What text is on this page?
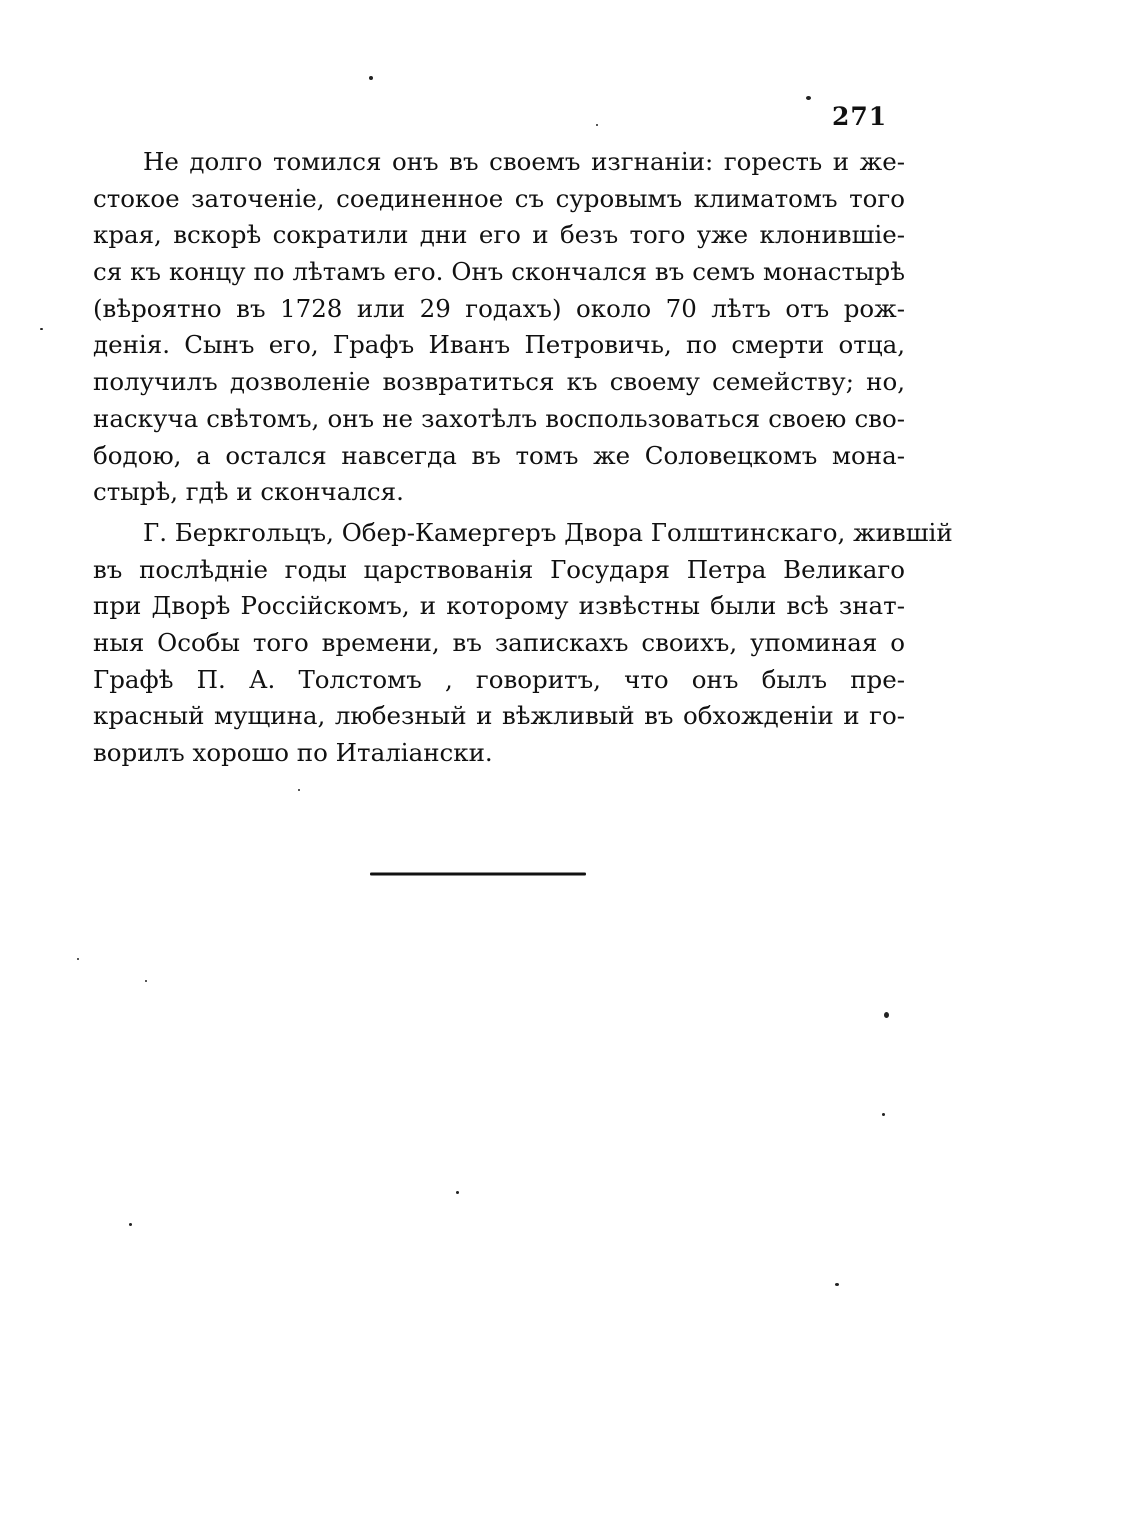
271
Не долго томился онъ въ своемъ изгнаніи: горесть и же-
стокое заточеніе, соединенное съ суровымъ климатомъ того
края, вскорѣ сократили дни его и безъ того уже клонившіе-
ся къ концу по лѣтамъ его. Онъ скончался въ семъ монастырѣ
(вѣроятно въ 1728 или 29 годахъ) около 70 лѣтъ отъ рож-
денія. Сынъ его, Графъ Иванъ Петровичь, по смерти отца,
получилъ дозволеніе возвратиться къ своему семейству; но,
наскуча свѣтомъ, онъ не захотѣлъ воспользоваться своею сво-
бодою, а остался навсегда въ томъ же Соловецкомъ мона-
стырѣ, гдѣ и скончался.
Г. Беркгольцъ, Обер-Камергеръ Двора Голштинскаго, жившій
въ послѣдніе годы царствованія Государя Петра Великаго
при Дворѣ Россійскомъ, и которому извѣстны были всѣ знат-
ныя Особы того времени, въ запискахъ своихъ, упоминая о
Графѣ П. А. Толстомъ , говоритъ, что онъ былъ пре-
красный мущина, любезный и вѣжливый въ обхожденіи и го-
ворилъ хорошо по Италіански.
